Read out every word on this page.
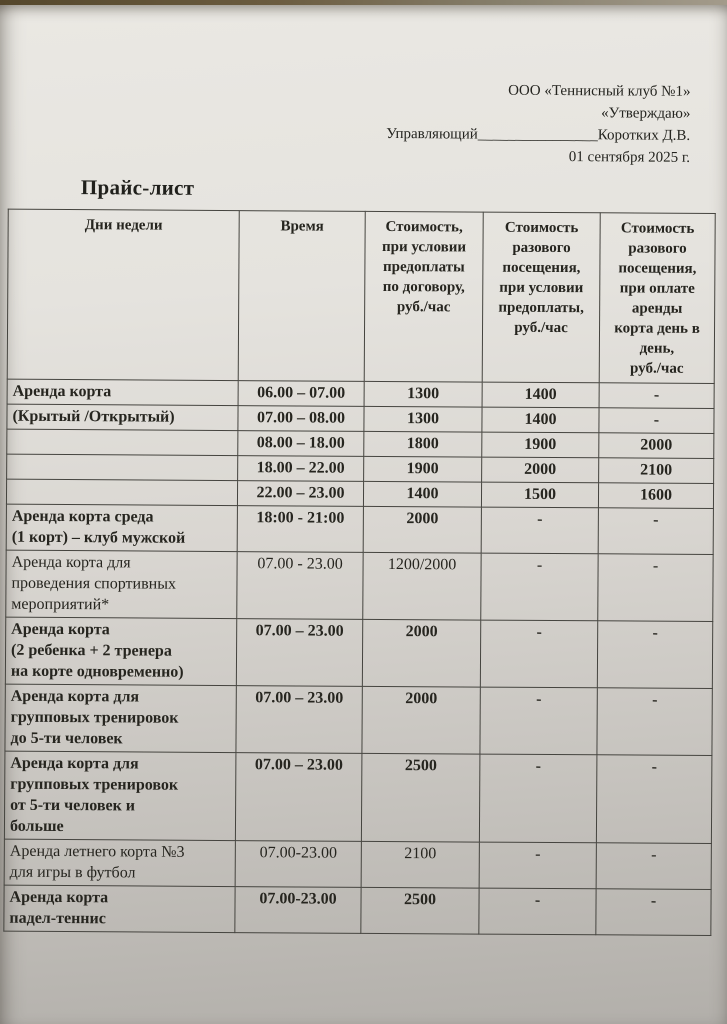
ООО «Теннисный клуб №1»
«Утверждаю»
Управляющий________________Коротких Д.В.
01 сентября 2025 г.
Прайс-лист
Дни недели	Время	Стоимость,
при условии
предоплаты
по договору,
руб./час	Стоимость
разового
посещения,
при условии
предоплаты,
руб./час	Стоимость
разового
посещения,
при оплате
аренды
корта день в
день,
руб./час
Аренда корта	06.00 – 07.00	1300	1400	-
(Крытый /Открытый)	07.00 – 08.00	1300	1400	-
	08.00 – 18.00	1800	1900	2000
	18.00 – 22.00	1900	2000	2100
	22.00 – 23.00	1400	1500	1600
Аренда корта среда
(1 корт) – клуб мужской	18:00 - 21:00	2000	-	-
Аренда корта для
проведения спортивных
мероприятий*	07.00 - 23.00	1200/2000	-	-
Аренда корта
(2 ребенка + 2 тренера
на корте одновременно)	07.00 – 23.00	2000	-	-
Аренда корта для
групповых тренировок
до 5-ти человек	07.00 – 23.00	2000	-	-
Аренда корта для
групповых тренировок
от 5-ти человек и
больше	07.00 – 23.00	2500	-	-
Аренда летнего корта №3
для игры в футбол	07.00-23.00	2100	-	-
Аренда корта
падел-теннис	07.00-23.00	2500	-	-
